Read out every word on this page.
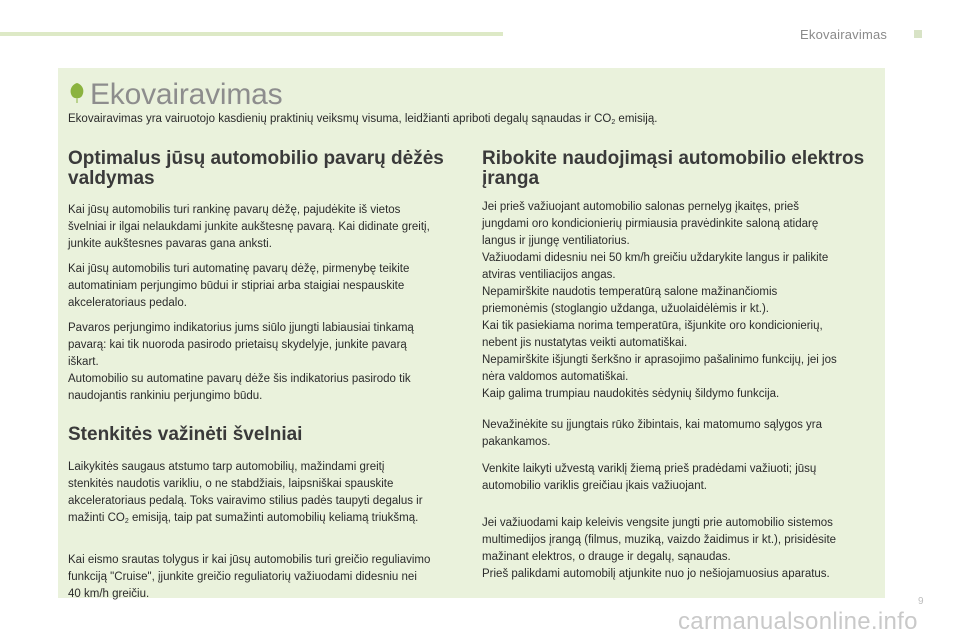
Ekovairavimas
Ekovairavimas
Ekovairavimas yra vairuotojo kasdienių praktinių veiksmų visuma, leidžianti apriboti degalų sąnaudas ir $CO_2$ emisiją.
Optimalus jūsų automobilio pavarų dėžės
valdymas

Kai jūsų automobilis turi rankinę pavarų dėžę, pajudėkite iš vietos
švelniai ir ilgai nelaukdami junkite aukštesnę pavarą. Kai didinate greitį,
junkite aukštesnes pavaras gana anksti.

Kai jūsų automobilis turi automatinę pavarų dėžę, pirmenybę teikite
automatiniam perjungimo būdui ir stipriai arba staigiai nespauskite
akceleratoriaus pedalo.

Pavaros perjungimo indikatorius jums siūlo įjungti labiausiai tinkamą
pavarą: kai tik nuoroda pasirodo prietaisų skydelyje, junkite pavarą
iškart.
Automobilio su automatine pavarų dėže šis indikatorius pasirodo tik
naudojantis rankiniu perjungimo būdu.

Stenkitės važinėti švelniai

Laikykitės saugaus atstumo tarp automobilių, mažindami greitį
stenkitės naudotis varikliu, o ne stabdžiais, laipsniškai spauskite
akceleratoriaus pedalą. Toks vairavimo stilius padės taupyti degalus ir
mažinti $CO_2$ emisiją, taip pat sumažinti automobilių keliamą triukšmą.

Kai eismo srautas tolygus ir kai jūsų automobilis turi greičio reguliavimo
funkciją "Cruise", įjunkite greičio reguliatorių važiuodami didesniu nei
40 km/h greičiu.

Ribokite naudojimąsi automobilio elektros
įranga

Jei prieš važiuojant automobilio salonas pernelyg įkaitęs, prieš
jungdami oro kondicionierių pirmiausia pravėdinkite saloną atidarę
langus ir įjungę ventiliatorius.
Važiuodami didesniu nei 50 km/h greičiu uždarykite langus ir palikite
atviras ventiliacijos angas.
Nepamirškite naudotis temperatūrą salone mažinančiomis
priemonėmis (stoglangio uždanga, užuolaidėlėmis ir kt.).
Kai tik pasiekiama norima temperatūra, išjunkite oro kondicionierių,
nebent jis nustatytas veikti automatiškai.
Nepamirškite išjungti šerkšno ir aprasojimo pašalinimo funkcijų, jei jos
nėra valdomos automatiškai.
Kaip galima trumpiau naudokitės sėdynių šildymo funkcija.

Nevažinėkite su įjungtais rūko žibintais, kai matomumo sąlygos yra
pakankamos.

Venkite laikyti užvestą variklį žiemą prieš pradėdami važiuoti; jūsų
automobilio variklis greičiau įkais važiuojant.

Jei važiuodami kaip keleivis vengsite jungti prie automobilio sistemos
multimedijos įrangą (filmus, muziką, vaizdo žaidimus ir kt.), prisidėsite
mažinant elektros, o drauge ir degalų, sąnaudas.
Prieš palikdami automobilį atjunkite nuo jo nešiojamuosius aparatus.

9
carmanualsonline.info
